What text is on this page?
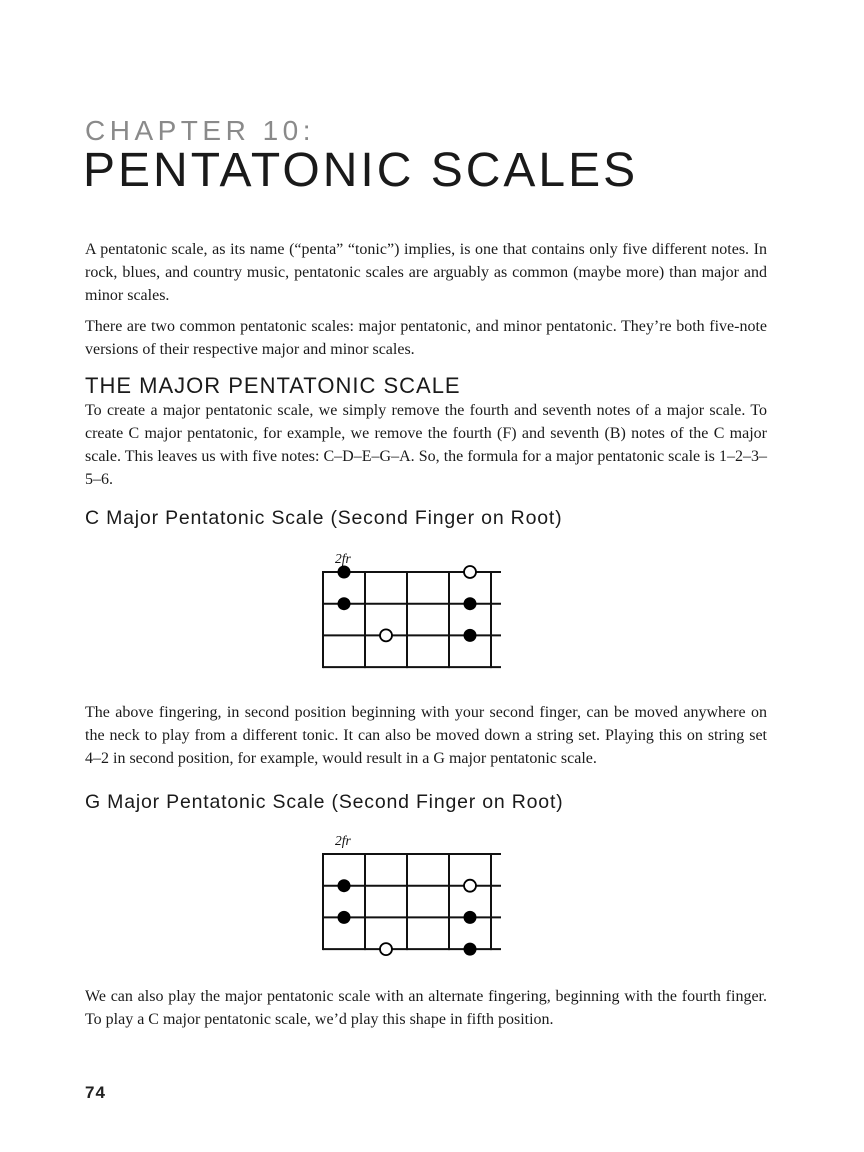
CHAPTER 10:
PENTATONIC SCALES

A pentatonic scale, as its name (“penta” “tonic”) implies, is one that contains only five different notes. In rock, blues, and country music, pentatonic scales are arguably as common (maybe more) than major and minor scales.

There are two common pentatonic scales: major pentatonic, and minor pentatonic. They’re both five-note versions of their respective major and minor scales.

THE MAJOR PENTATONIC SCALE

To create a major pentatonic scale, we simply remove the fourth and seventh notes of a major scale. To create C major pentatonic, for example, we remove the fourth (F) and seventh (B) notes of the C major scale. This leaves us with five notes: C–D–E–G–A. So, the formula for a major pentatonic scale is 1–2–3–5–6.

C Major Pentatonic Scale (Second Finger on Root)
2fr

The above fingering, in second position beginning with your second finger, can be moved anywhere on the neck to play from a different tonic. It can also be moved down a string set. Playing this on string set 4–2 in second position, for example, would result in a G major pentatonic scale.

G Major Pentatonic Scale (Second Finger on Root)
2fr

We can also play the major pentatonic scale with an alternate fingering, beginning with the fourth finger. To play a C major pentatonic scale, we’d play this shape in fifth position.

74
